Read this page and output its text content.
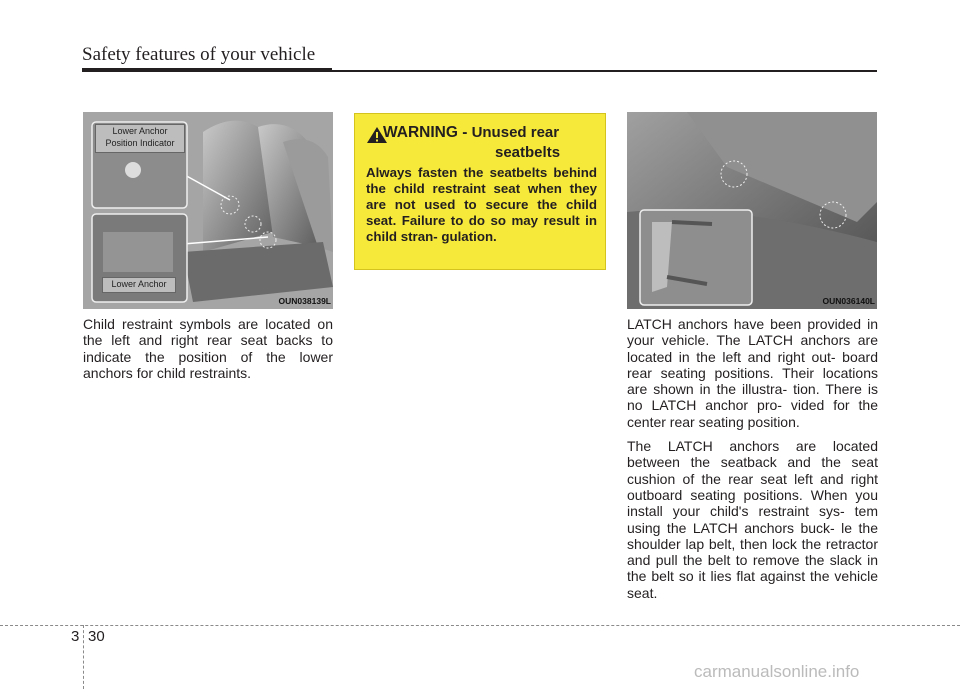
Safety features of your vehicle
Lower Anchor
Position Indicator
Lower Anchor
OUN038139L

Child restraint symbols are located on the left and right rear seat backs to indicate the position of the lower anchors for child restraints.

WARNING - Unused rear
seatbelts
Always fasten the seatbelts behind the child restraint seat when they are not used to secure the child seat. Failure to do so may result in child stran- gulation.
OUN036140L

LATCH anchors have been provided in your vehicle. The LATCH anchors are located in the left and right out- board rear seating positions. Their locations are shown in the illustra- tion. There is no LATCH anchor pro- vided for the center rear seating position.

The LATCH anchors are located between the seatback and the seat cushion of the rear seat left and right outboard seating positions. When you install your child's restraint sys- tem using the LATCH anchors buck- le the shoulder lap belt, then lock the retractor and pull the belt to remove the slack in the belt so it lies flat against the vehicle seat.

3 30
carmanualsonline.info
